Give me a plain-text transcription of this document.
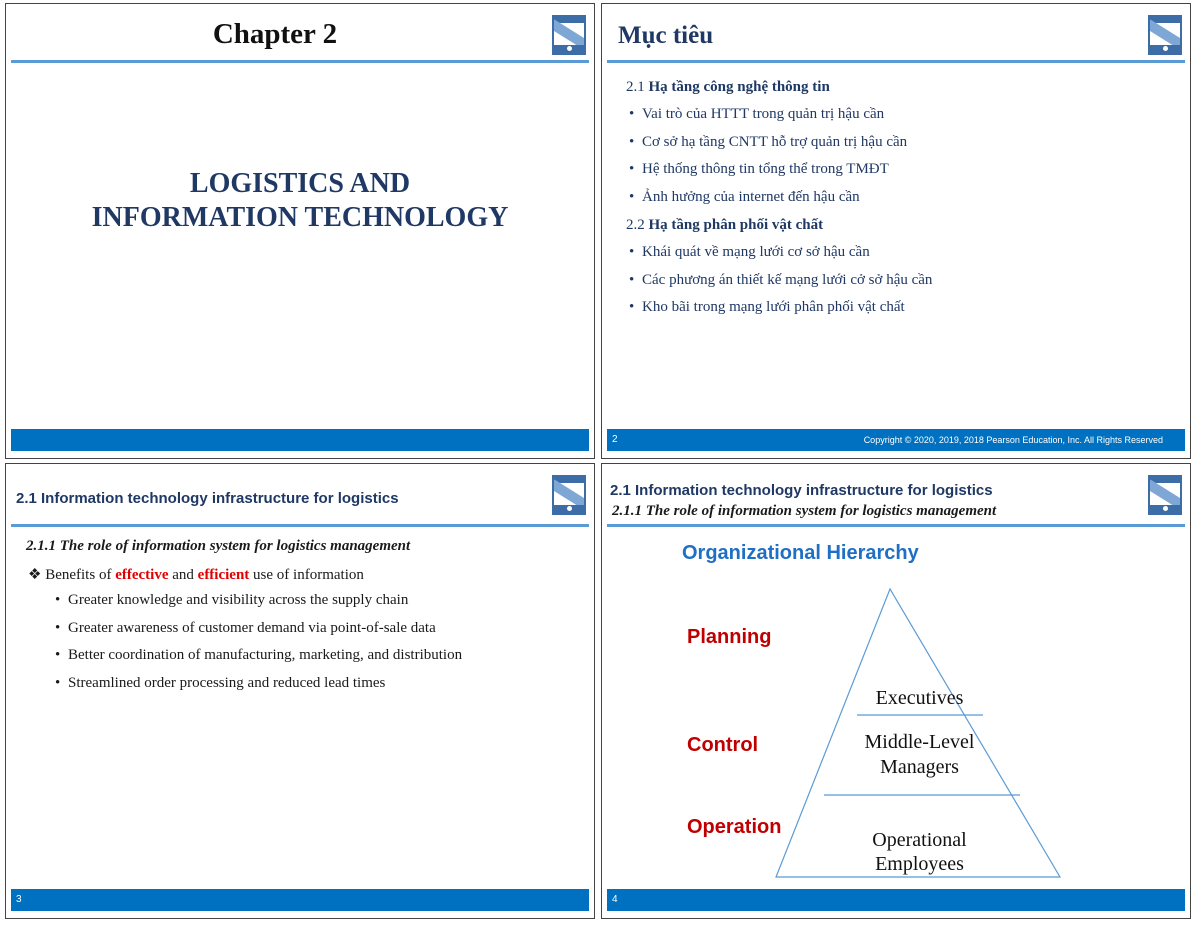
Chapter 2
LOGISTICS AND
INFORMATION TECHNOLOGY
Mục tiêu
2.1 Hạ tầng công nghệ thông tin
• Vai trò của HTTT trong quản trị hậu cần
• Cơ sở hạ tầng CNTT hỗ trợ quản trị hậu cần
• Hệ thống thông tin tổng thể trong TMĐT
• Ảnh hưởng của internet đến hậu cần
2.2 Hạ tầng phân phối vật chất
• Khái quát về mạng lưới cơ sở hậu cần
• Các phương án thiết kế mạng lưới cở sở hậu cần
• Kho bãi trong mạng lưới phân phối vật chất
2	Copyright © 2020, 2019, 2018 Pearson Education, Inc. All Rights Reserved
2.1 Information technology infrastructure for logistics
2.1.1 The role of information system for logistics management
❖ Benefits of effective and efficient use of information
• Greater knowledge and visibility across the supply chain
• Greater awareness of customer demand via point-of-sale data
• Better coordination of manufacturing, marketing, and distribution
• Streamlined order processing and reduced lead times
3
2.1 Information technology infrastructure for logistics
2.1.1 The role of information system for logistics management
Organizational Hierarchy
Planning
Control
Operation
Executives
Middle-Level
Managers
Operational
Employees
4
